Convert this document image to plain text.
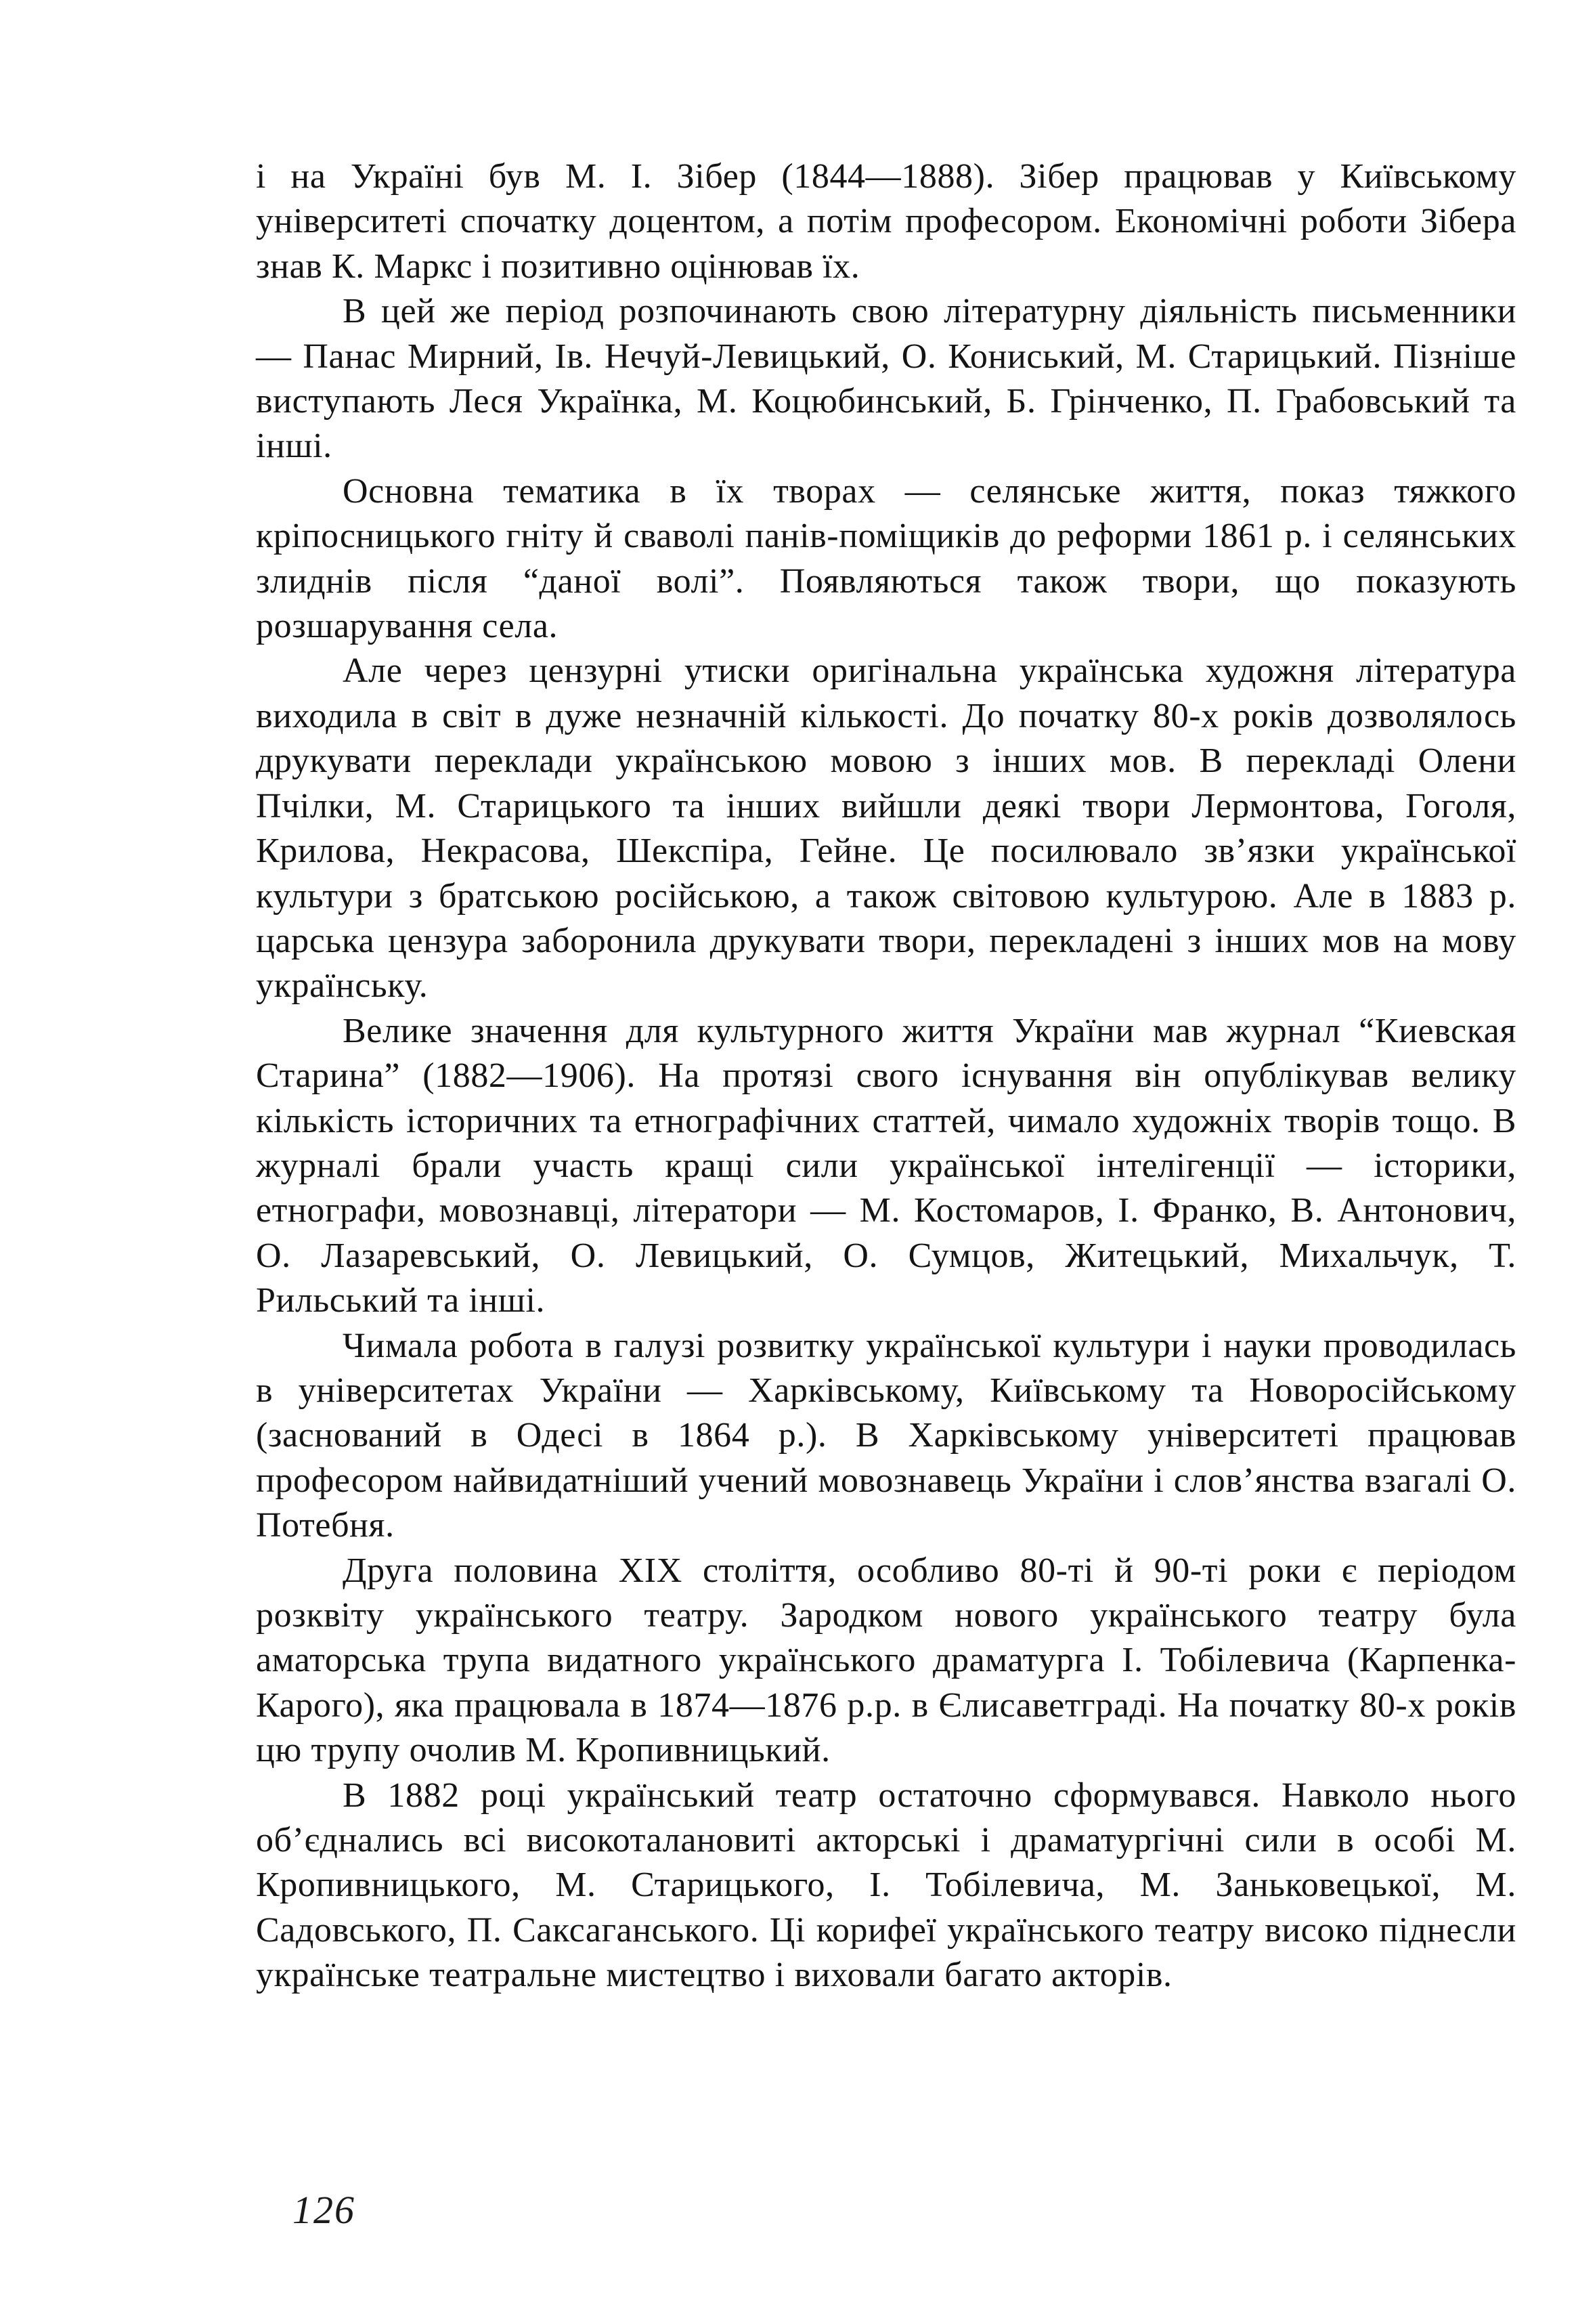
і на Україні був М. І. Зібер (1844—1888). Зібер працював у Київському університеті спочатку доцентом, а потім професором. Економічні роботи Зібера знав К. Маркс і позитивно оцінював їх.

В цей же період розпочинають свою літературну діяльність письменники — Панас Мирний, Ів. Нечуй-Левицький, О. Кониський, М. Старицький. Пізніше виступають Леся Українка, М. Коцюбинський, Б. Грінченко, П. Грабовський та інші.

Основна тематика в їх творах — селянське життя, показ тяжкого кріпосницького гніту й сваволі панів-поміщиків до реформи 1861 р. і селянських злиднів після “даної волі”. Появляються також твори, що показують розшарування села.

Але через цензурні утиски оригінальна українська художня література виходила в світ в дуже незначній кількості. До початку 80-х років дозволялось друкувати переклади українською мовою з інших мов. В перекладі Олени Пчілки, М. Старицького та інших вийшли деякі твори Лермонтова, Гоголя, Крилова, Некрасова, Шекспіра, Гейне. Це посилювало зв’язки української культури з братською російською, а також світовою культурою. Але в 1883 р. царська цензура заборонила друкувати твори, перекладені з інших мов на мову українську.

Велике значення для культурного життя України мав журнал “Киевская Старина” (1882—1906). На протязі свого існування він опублікував велику кількість історичних та етнографічних статтей, чимало художніх творів тощо. В журналі брали участь кращі сили української інтелігенції — історики, етнографи, мовознавці, літератори — М. Костомаров, І. Франко, В. Антонович, О. Лазаревський, О. Левицький, О. Сумцов, Житецький, Михальчук, Т. Рильський та інші.

Чимала робота в галузі розвитку української культури і науки проводилась в університетах України — Харківському, Київському та Новоросійському (заснований в Одесі в 1864 р.). В Харківському університеті працював професором найвидатніший учений мовознавець України і слов’янства взагалі О. Потебня.

Друга половина XIX століття, особливо 80-ті й 90-ті роки є періодом розквіту українського театру. Зародком нового українського театру була аматорська трупа видатного українського драматурга І. Тобілевича (Карпенка-Карого), яка працювала в 1874—1876 р.р. в Єлисаветграді. На початку 80-х років цю трупу очолив М. Кропивницький.

В 1882 році український театр остаточно сформувався. Навколо нього об’єднались всі високоталановиті акторські і драматургічні сили в особі М. Кропивницького, М. Старицького, І. Тобілевича, М. Заньковецької, М. Садовського, П. Саксаганського. Ці корифеї українського театру високо піднесли українське театральне мистецтво і виховали багато акторів.

126
